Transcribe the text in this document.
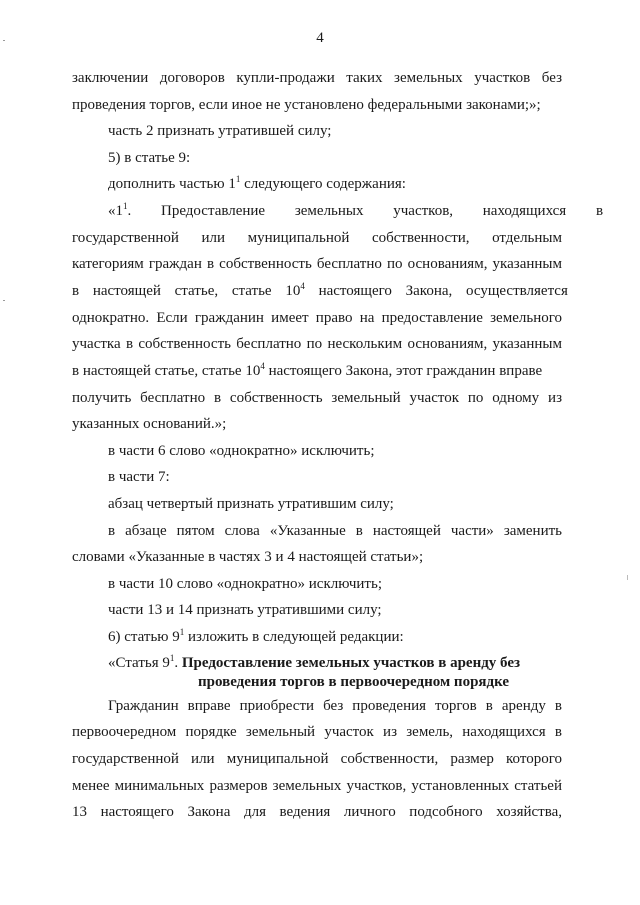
4
заключении договоров купли-продажи таких земельных участков без
проведения торгов, если иное не установлено федеральными законами;»;
часть 2 признать утратившей силу;
5) в статье 9:
дополнить частью $1^1$ следующего содержания:
«$1^1$. Предоставление земельных участков, находящихся в
государственной или муниципальной собственности, отдельным
категориям граждан в собственность бесплатно по основаниям, указанным
в настоящей статье, статье $10^4$ настоящего Закона, осуществляется
однократно. Если гражданин имеет право на предоставление земельного
участка в собственность бесплатно по нескольким основаниям, указанным
в настоящей статье, статье $10^4$ настоящего Закона, этот гражданин вправе
получить бесплатно в собственность земельный участок по одному из
указанных оснований.»;
в части 6 слово «однократно» исключить;
в части 7:
абзац четвертый признать утратившим силу;
в абзаце пятом слова «Указанные в настоящей части» заменить
словами «Указанные в частях 3 и 4 настоящей статьи»;
в части 10 слово «однократно» исключить;
части 13 и 14 признать утратившими силу;
6) статью $9^1$ изложить в следующей редакции:
«Статья $9^1$. Предоставление земельных участков в аренду без
проведения торгов в первоочередном порядке
Гражданин вправе приобрести без проведения торгов в аренду в
первоочередном порядке земельный участок из земель, находящихся в
государственной или муниципальной собственности, размер которого
менее минимальных размеров земельных участков, установленных статьей
13 настоящего Закона для ведения личного подсобного хозяйства,
